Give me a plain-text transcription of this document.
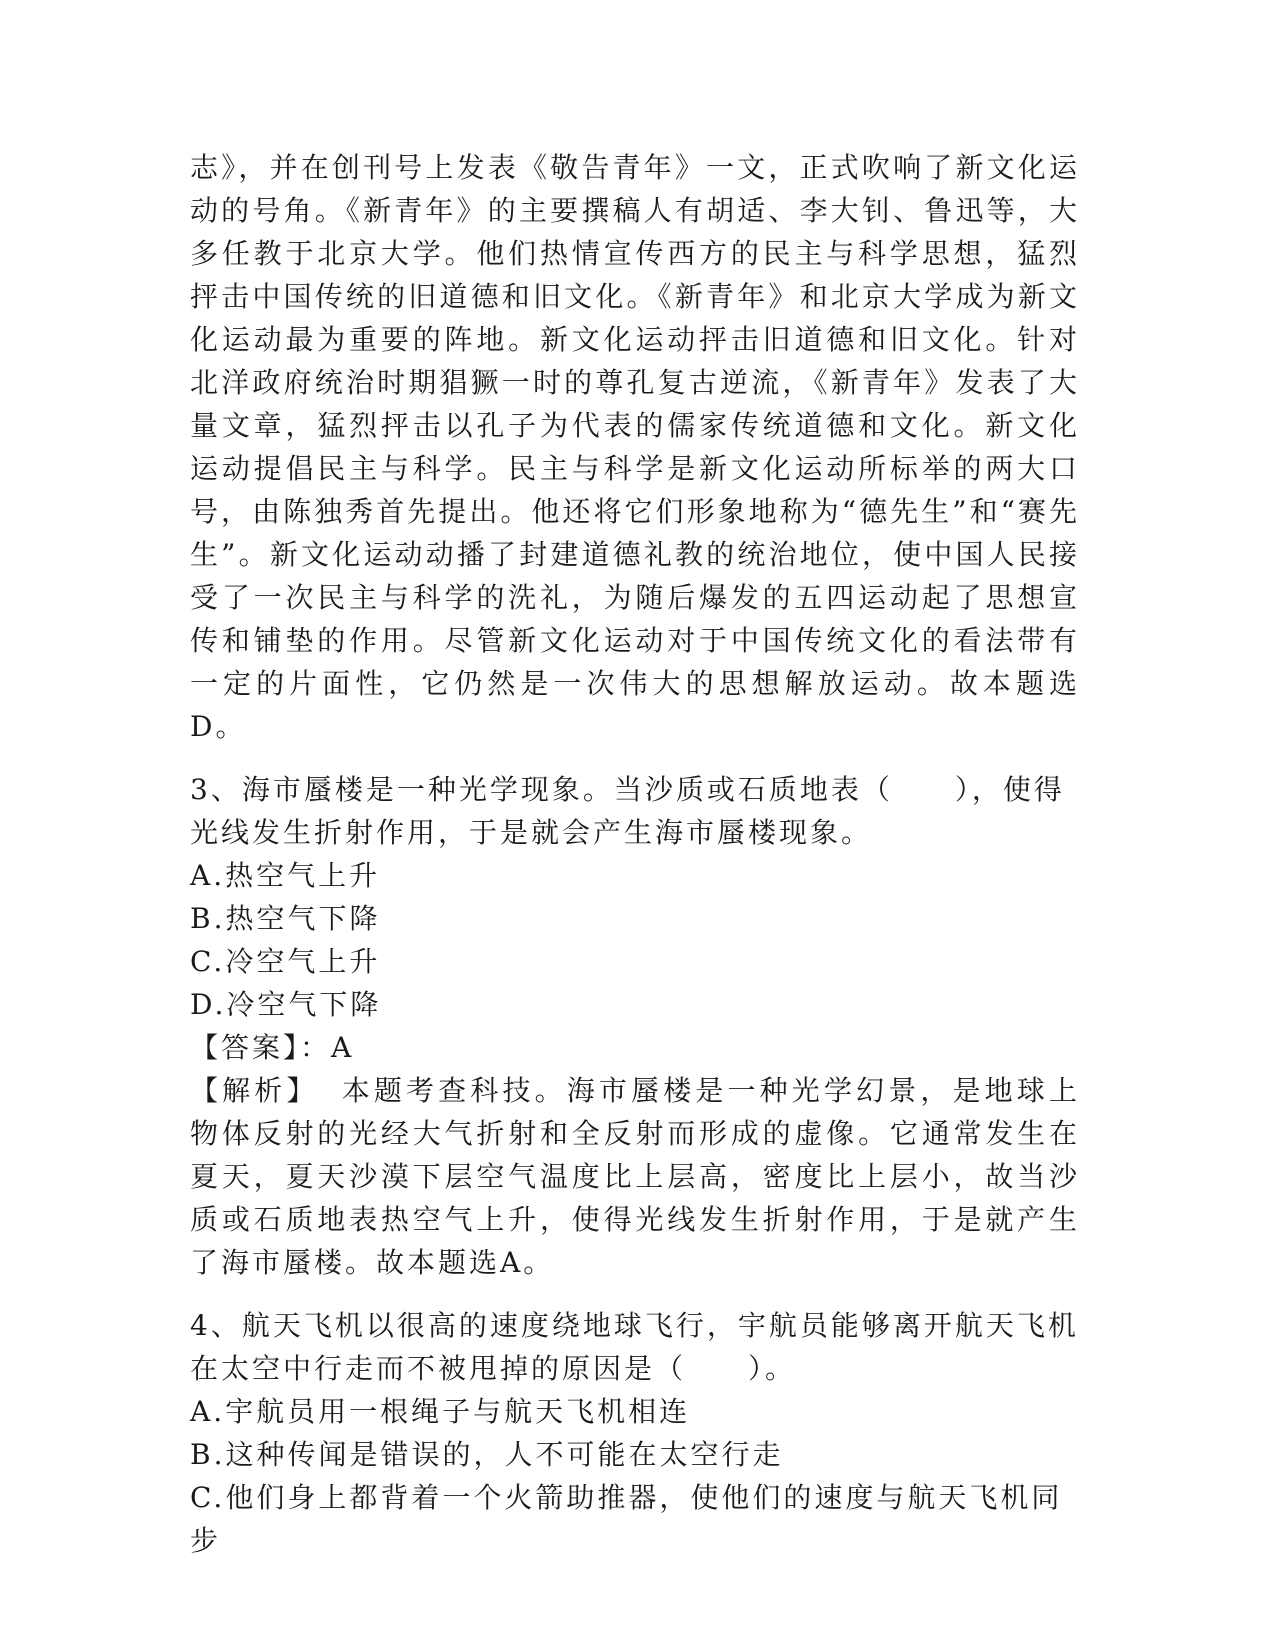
志》，并在创刊号上发表《敬告青年》一文，正式吹响了新文化运动的号角。《新青年》的主要撰稿人有胡适、李大钊、鲁迅等，大多任教于北京大学。他们热情宣传西方的民主与科学思想，猛烈抨击中国传统的旧道德和旧文化。《新青年》和北京大学成为新文化运动最为重要的阵地。新文化运动抨击旧道德和旧文化。针对北洋政府统治时期猖獗一时的尊孔复古逆流，《新青年》发表了大量文章，猛烈抨击以孔子为代表的儒家传统道德和文化。新文化运动提倡民主与科学。民主与科学是新文化运动所标举的两大口号，由陈独秀首先提出。他还将它们形象地称为“德先生”和“赛先生”。新文化运动动播了封建道德礼教的统治地位，使中国人民接受了一次民主与科学的洗礼，为随后爆发的五四运动起了思想宣传和铺垫的作用。尽管新文化运动对于中国传统文化的看法带有一定的片面性，它仍然是一次伟大的思想解放运动。故本题选D。

3、海市蜃楼是一种光学现象。当沙质或石质地表（　　），使得光线发生折射作用，于是就会产生海市蜃楼现象。

A.热空气上升

B.热空气下降

C.冷空气上升

D.冷空气下降

【答案】：A

【解析】 本题考查科技。海市蜃楼是一种光学幻景，是地球上物体反射的光经大气折射和全反射而形成的虚像。它通常发生在夏天，夏天沙漠下层空气温度比上层高，密度比上层小，故当沙质或石质地表热空气上升，使得光线发生折射作用，于是就产生了海市蜃楼。故本题选A。

4、航天飞机以很高的速度绕地球飞行，宇航员能够离开航天飞机在太空中行走而不被甩掉的原因是（　　）。

A.宇航员用一根绳子与航天飞机相连

B.这种传闻是错误的，人不可能在太空行走

C.他们身上都背着一个火箭助推器，使他们的速度与航天飞机同步
